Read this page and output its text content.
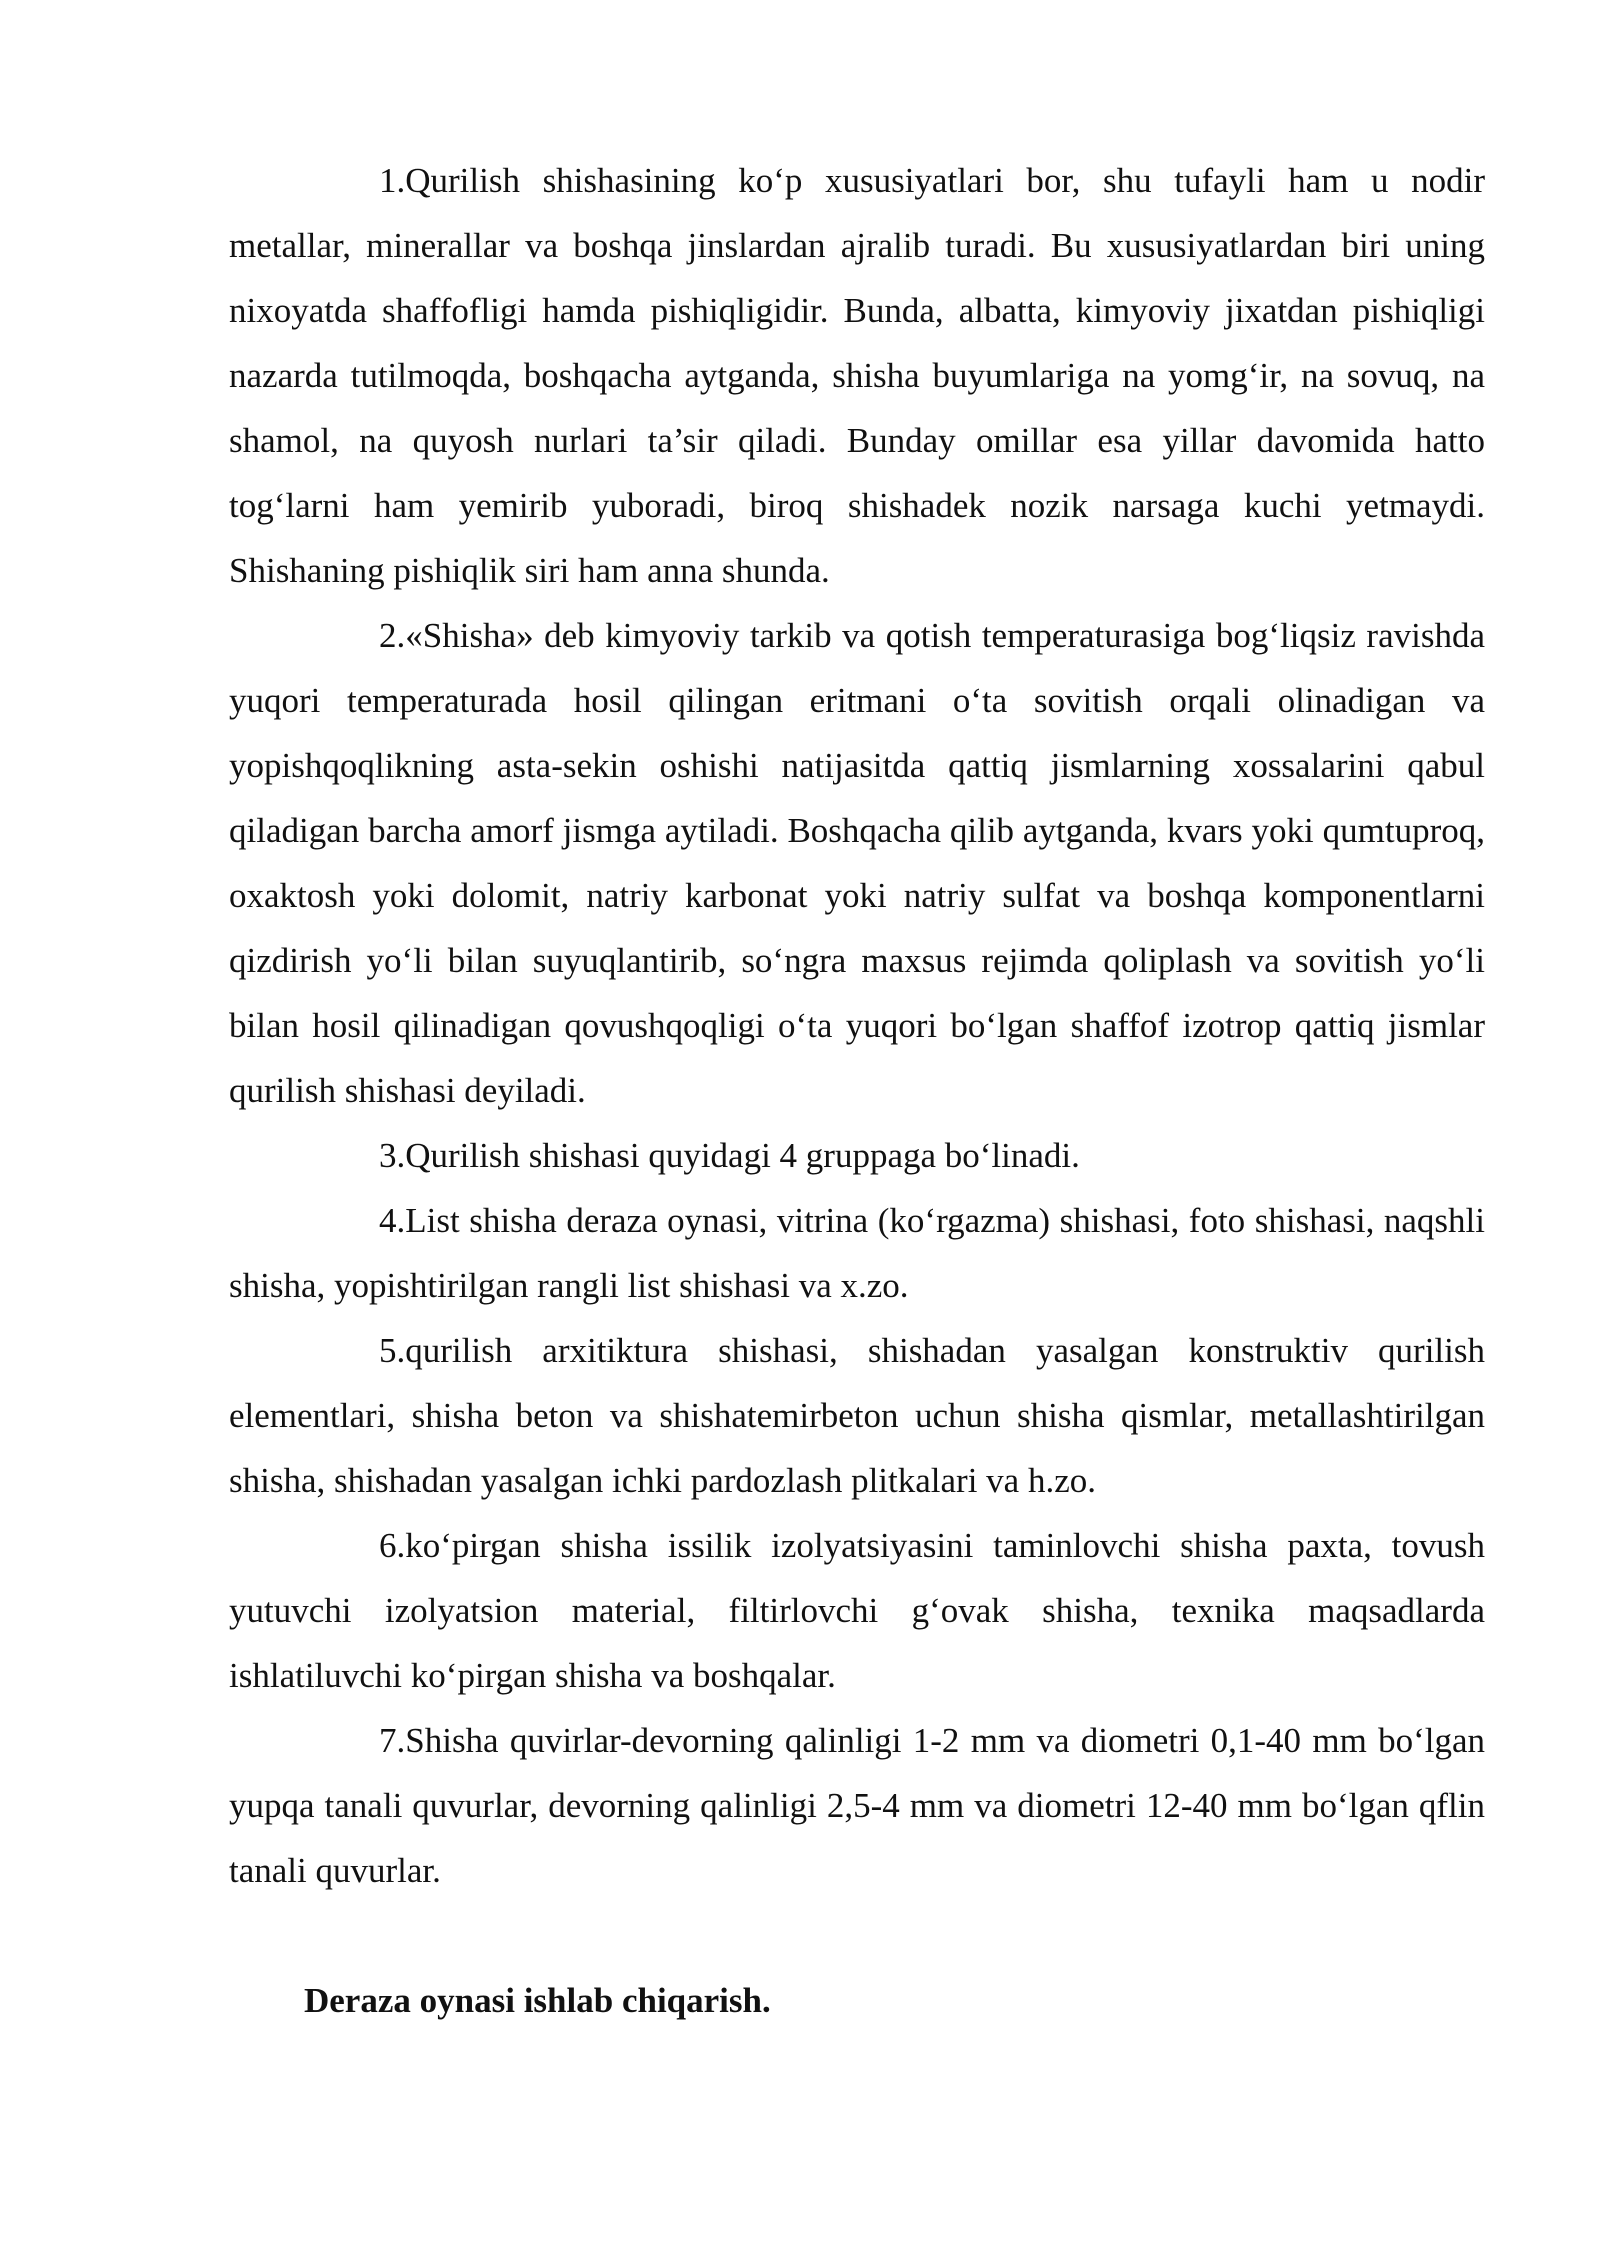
1.Qurilish shishasining ko‘p xususiyatlari bor, shu tufayli ham u nodir metallar, minerallar va boshqa jinslardan ajralib turadi. Bu xususiyatlardan biri uning nixoyatda shaffofligi hamda pishiqligidir. Bunda, albatta, kimyoviy jixatdan pishiqligi nazarda tutilmoqda, boshqacha aytganda, shisha buyumlariga na yomg‘ir, na sovuq, na shamol, na quyosh nurlari ta’sir qiladi. Bunday omillar esa yillar davomida hatto tog‘larni ham yemirib yuboradi, biroq shishadek nozik narsaga kuchi yetmaydi. Shishaning pishiqlik siri ham anna shunda.

2.«Shisha» deb kimyoviy tarkib va qotish temperaturasiga bog‘liqsiz ravishda yuqori temperaturada hosil qilingan eritmani o‘ta sovitish orqali olinadigan va yopishqoqlikning asta-sekin oshishi natijasitda qattiq jismlarning xossalarini qabul qiladigan barcha amorf jismga aytiladi. Boshqacha qilib aytganda, kvars yoki qumtuproq, oxaktosh yoki dolomit, natriy karbonat yoki natriy sulfat va boshqa komponentlarni qizdirish yo‘li bilan suyuqlantirib, so‘ngra maxsus rejimda qoliplash va sovitish yo‘li bilan hosil qilinadigan qovushqoqligi o‘ta yuqori bo‘lgan shaffof izotrop qattiq jismlar qurilish shishasi deyiladi.

3.Qurilish shishasi quyidagi 4 gruppaga bo‘linadi.

4.List shisha deraza oynasi, vitrina (ko‘rgazma) shishasi, foto shishasi, naqshli shisha, yopishtirilgan rangli list shishasi va x.zo.

5.qurilish arxitiktura shishasi, shishadan yasalgan konstruktiv qurilish elementlari, shisha beton va shishatemirbeton uchun shisha qismlar, metallashtirilgan shisha, shishadan yasalgan ichki pardozlash plitkalari va h.zo.

6.ko‘pirgan shisha issilik izolyatsiyasini taminlovchi shisha paxta, tovush yutuvchi izolyatsion material, filtirlovchi g‘ovak shisha, texnika maqsadlarda ishlatiluvchi ko‘pirgan shisha va boshqalar.

7.Shisha quvirlar-devorning qalinligi 1-2 mm va diometri 0,1-40 mm bo‘lgan yupqa tanali quvurlar, devorning qalinligi 2,5-4 mm va diometri 12-40 mm bo‘lgan qflin tanali quvurlar.

Deraza oynasi ishlab chiqarish.
